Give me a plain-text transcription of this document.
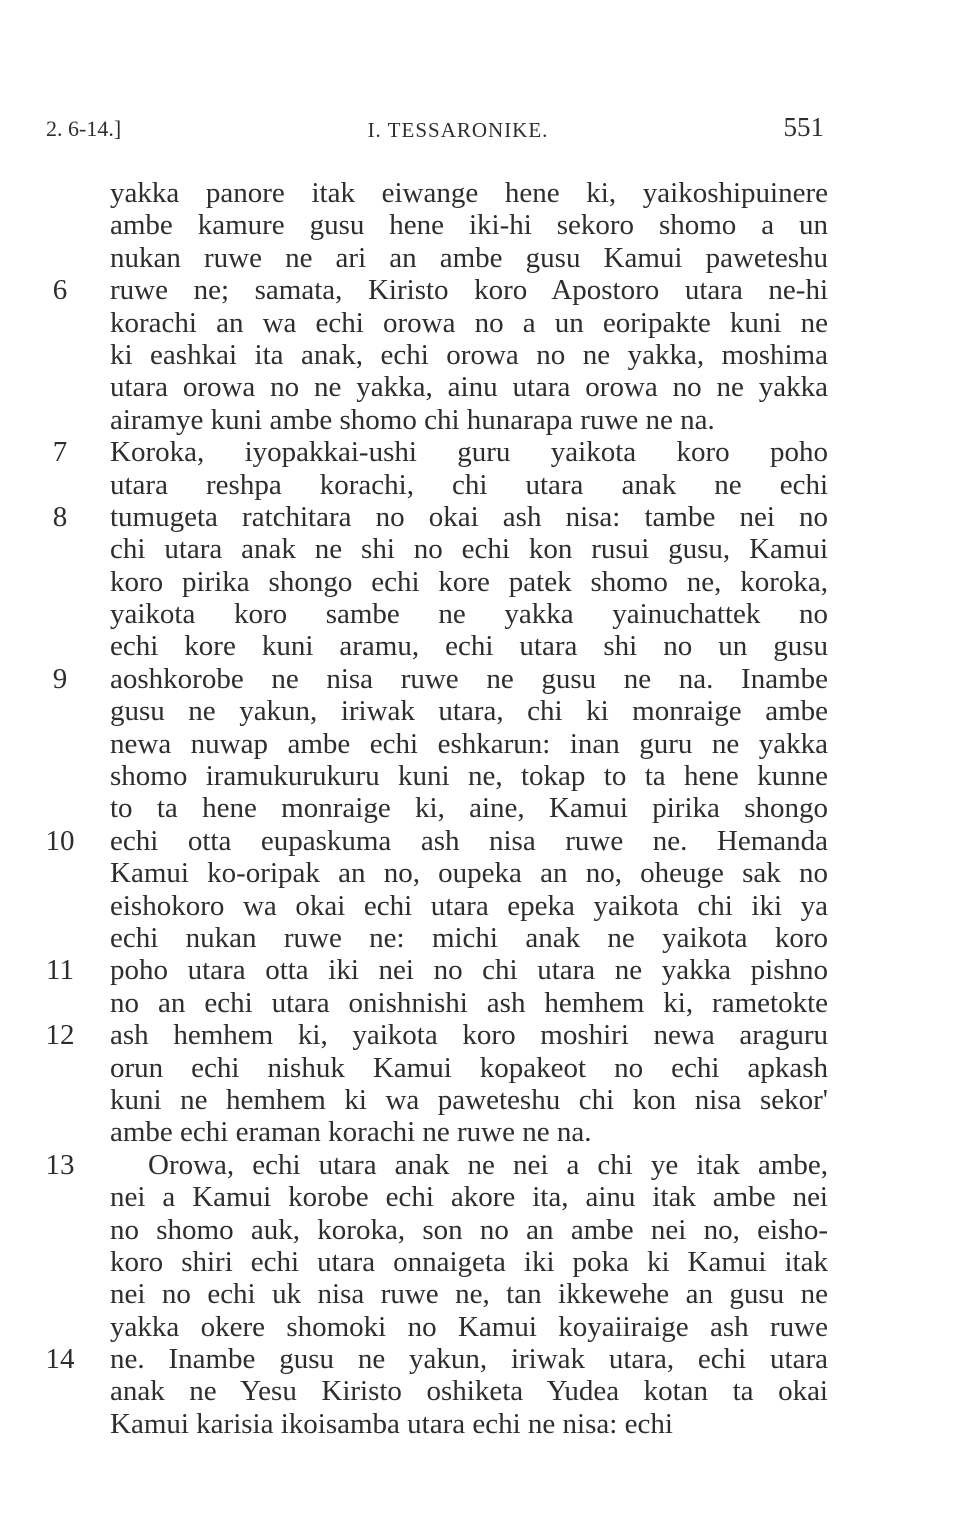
2. 6-14.]	I. TESSARONIKE.	551
yakka panore itak eiwange hene ki, yaikoshipuinere
ambe kamure gusu hene iki-hi sekoro shomo a un
nukan ruwe ne ari an ambe gusu Kamui paweteshu
6	ruwe ne; samata, Kiristo koro Apostoro utara ne-hi
korachi an wa echi orowa no a un eoripakte kuni ne
ki eashkai ita anak, echi orowa no ne yakka, moshima
utara orowa no ne yakka, ainu utara orowa no ne yakka
airamye kuni ambe shomo chi hunarapa ruwe ne na.
7	Koroka, iyopakkai-ushi guru yaikota koro poho
utara reshpa korachi, chi utara anak ne echi
8	tumugeta ratchitara no okai ash nisa: tambe nei no
chi utara anak ne shi no echi kon rusui gusu, Kamui
koro pirika shongo echi kore patek shomo ne, koroka,
yaikota koro sambe ne yakka yainuchattek no
echi kore kuni aramu, echi utara shi no un gusu
9	aoshkorobe ne nisa ruwe ne gusu ne na. Inambe
gusu ne yakun, iriwak utara, chi ki monraige ambe
newa nuwap ambe echi eshkarun: inan guru ne yakka
shomo iramukurukuru kuni ne, tokap to ta hene kunne
to ta hene monraige ki, aine, Kamui pirika shongo
10 echi otta eupaskuma ash nisa ruwe ne. Hemanda
Kamui ko-oripak an no, oupeka an no, oheuge sak no
eishokoro wa okai echi utara epeka yaikota chi iki ya
echi nukan ruwe ne: michi anak ne yaikota koro
11 poho utara otta iki nei no chi utara ne yakka pishno
no an echi utara onishnishi ash hemhem ki, rametokte
12 ash hemhem ki, yaikota koro moshiri newa araguru
orun echi nishuk Kamui kopakeot no echi apkash
kuni ne hemhem ki wa paweteshu chi kon nisa sekor'
ambe echi eraman korachi ne ruwe ne na.
13	Orowa, echi utara anak ne nei a chi ye itak ambe,
nei a Kamui korobe echi akore ita, ainu itak ambe nei
no shomo auk, koroka, son no an ambe nei no, eisho-
koro shiri echi utara onnaigeta iki poka ki Kamui itak
nei no echi uk nisa ruwe ne, tan ikkewehe an gusu ne
yakka okere shomoki no Kamui koyaiiraige ash ruwe
14 ne. Inambe gusu ne yakun, iriwak utara, echi utara
anak ne Yesu Kiristo oshiketa Yudea kotan ta okai
Kamui karisia ikoisamba utara echi ne nisa: echi
